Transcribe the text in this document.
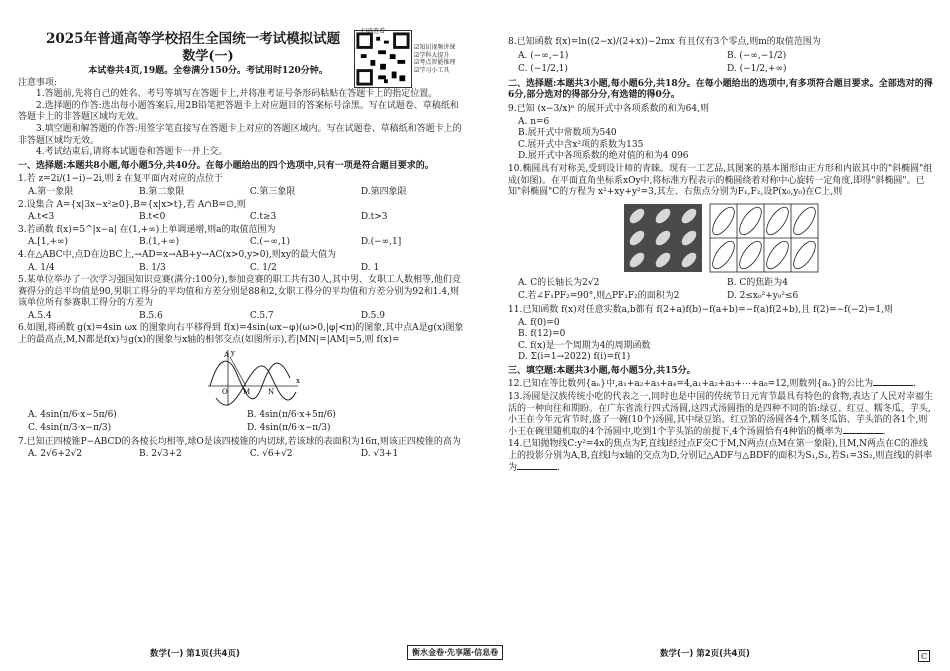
2025年普通高等学校招生全国统一考试模拟试题
数学(一)
本试卷共4页,19题。全卷满分150分。考试用时120分钟。
注意事项:
1.答题前,先将自己的姓名、考号等填写在答题卡上,并将准考证号条形码粘贴在答题卡上的指定位置。
2.选择题的作答:选出每小题答案后,用2B铅笔把答题卡上对应题目的答案标号涂黑。写在试题卷、草稿纸和答题卡上的非答题区域均无效。
3.填空题和解答题的作答:用签字笔直接写在答题卡上对应的答题区域内。写在试题卷、草稿纸和答题卡上的非答题区域均无效。
4.考试结束后,请将本试题卷和答题卡一并上交。
一、选择题:本题共8小题,每小题5分,共40分。在每小题给出的四个选项中,只有一项是符合题目要求的。
1.若 z=2i/(1−i)−2i,则 z̄ 在复平面内对应的点位于
A.第一象限	B.第二象限	C.第三象限	D.第四象限
2.设集合 A={x|3x−x²≥0},B={x|x>t},若 A∩B=∅,则
A.t<3	B.t<0	C.t≥3	D.t>3
3.若函数 f(x)=5^|x−a| 在(1,+∞)上单调递增,则a的取值范围为
A.[1,+∞)	B.(1,+∞)	C.(−∞,1)	D.(−∞,1]
4.在△ABC中,点D在边BC上,→AD=x→AB+y→AC(x>0,y>0),则xy的最大值为
A. 1/4	B. 1/3	C. 1/2	D. 1
5.某单位举办了一次学习强国知识竞赛(满分:100分),参加竞赛的职工共有30人,其中男、女职工人数相等,他们竞赛得分的总平均值是90,男职工得分的平均值和方差分别是88和2,女职工得分的平均值和方差分别为92和1.4,则该单位所有参赛职工得分的方差为
A.5.4	B.5.6	C.5.7	D.5.9
6.如图,将函数 g(x)=4sin ωx 的图象向右平移得到 f(x)=4sin(ωx−φ)(ω>0,|φ|<π)的图象,其中点A是g(x)图象上的最高点,M,N都是f(x)与g(x)的图象与x轴的相邻交点(如图所示),若|MN|=|AM|=5,则 f(x)=
A
M	N
O
x
y
A. 4sin(π/6·x−5π/6)	B. 4sin(π/6·x+5π/6)
C. 4sin(π/3·x−π/3)	D. 4sin(π/6·x−π/3)
7.已知正四棱锥P−ABCD的各棱长均相等,球O是该四棱锥的内切球,若该球的表面积为16π,则该正四棱锥的高为
A. 2√6+2√2	B. 2√3+2	C. √6+√2	D. √3+1
扫码查看
☑知识视频讲课
☑学科大提升
☑考点智能推理
☑学习小工具
8.已知函数 f(x)=ln((2−x)/(2+x))−2mx 有且仅有3个零点,则m的取值范围为
A. (−∞,−1)	B. (−∞,−1/2)
C. (−1/2,1)	D. (−1/2,+∞)
二、选择题:本题共3小题,每小题6分,共18分。在每小题给出的选项中,有多项符合题目要求。全部选对的得6分,部分选对的得部分分,有选错的得0分。
9.已知 (x−3/x)ⁿ 的展开式中各项系数的和为64,则
A. n=6
B.展开式中常数项为540
C.展开式中含x²项的系数为135
D.展开式中各项系数的绝对值的和为4 096
10.椭圆具有对称美,受到设计师的青睐。现有一工艺品,其图案的基本图形由正方形和内嵌其中的"斜椭圆"组成(如图)。在平面直角坐标系xOy中,将标准方程表示的椭圆绕着对称中心旋转一定角度,即得"斜椭圆"。已知"斜椭圆"C的方程为 x²+xy+y²=3,其左、右焦点分别为F₁,F₂,设P(x₀,y₀)在C上,则
A. C的长轴长为2√2	B. C的焦距为4
C.若∠F₁PF₂=90°,则△PF₁F₂的面积为2	D. 2≤x₀²+y₀²≤6
11.已知函数 f(x)对任意实数a,b都有 f(2+a)f(b)−f(a+b)=−f(a)f(2+b),且 f(2)=−f(−2)=1,则
A. f(0)=0
B. f(12)=0
C. f(x)是一个周期为4的周期函数
D. Σ(i=1→2022) f(i)=f(1)
三、填空题:本题共3小题,每小题5分,共15分。
12.已知在等比数列{aₙ}中,a₁+a₂+a₃+a₄=4,a₁+a₂+a₃+⋯+a₈=12,则数列{aₙ}的公比为	.
13.汤圆是汉族传统小吃的代表之一,同时也是中国的传统节日元宵节最具有特色的食物,表达了人民对幸福生活的一种向往和期盼。在广东省流行四式汤圆,这四式汤圆指的是四种不同的馅:绿豆、红豆、糯冬瓜、芋头,小王在今年元宵节时,盛了一碗(10个)汤圆,其中绿豆馅、红豆馅的汤圆各4个,糯冬瓜馅、芋头馅的各1个,则小王在碗里随机取的4个汤圆中,吃到1个芋头馅的前提下,4个汤圆恰有4种馅的概率为	.
14.已知抛物线C:y²=4x的焦点为F,直线l经过点F交C于M,N两点(点M在第一象限),且M,N两点在C的准线上的投影分别为A,B,直线l与x轴的交点为D,分别记△ADF与△BDF的面积为S₁,S₂,若S₁=3S₂,则直线l的斜率为	.
数学(一) 第1页(共4页)	衡水金卷·先享题·信息卷	数学(一) 第2页(共4页)	C
